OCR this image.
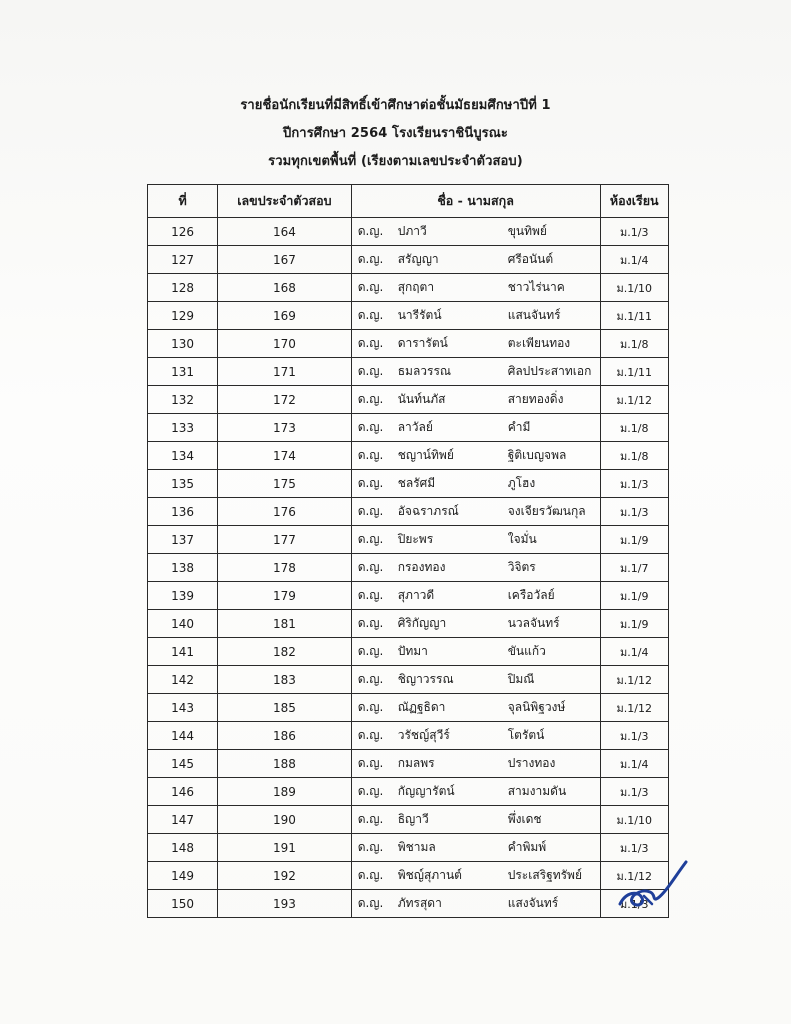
รายชื่อนักเรียนที่มีสิทธิ์เข้าศึกษาต่อชั้นมัธยมศึกษาปีที่ 1
ปีการศึกษา 2564 โรงเรียนราชินีบูรณะ
รวมทุกเขตพื้นที่ (เรียงตามเลขประจำตัวสอบ)
ที่	เลขประจำตัวสอบ	ชื่อ - นามสกุล	ห้องเรียน
126	164	ด.ญ. ปภาวี ขุนทิพย์	ม.1/3
127	167	ด.ญ. สรัญญา ศรีอนันต์	ม.1/4
128	168	ด.ญ. สุกฤตา ชาวไร่นาค	ม.1/10
129	169	ด.ญ. นารีรัตน์ แสนจันทร์	ม.1/11
130	170	ด.ญ. ดารารัตน์ ตะเพียนทอง	ม.1/8
131	171	ด.ญ. ธมลวรรณ ศิลปประสาทเอก	ม.1/11
132	172	ด.ญ. นันท์นภัส สายทองดิ่ง	ม.1/12
133	173	ด.ญ. ลาวัลย์ คำมี	ม.1/8
134	174	ด.ญ. ชญาน์ทิพย์ ฐิติเบญจพล	ม.1/8
135	175	ด.ญ. ชลรัศมี ภูโฮง	ม.1/3
136	176	ด.ญ. อัจฉราภรณ์ จงเจียรวัฒนกุล	ม.1/3
137	177	ด.ญ. ปิยะพร ใจมั่น	ม.1/9
138	178	ด.ญ. กรองทอง วิจิตร	ม.1/7
139	179	ด.ญ. สุภาวดี เครือวัลย์	ม.1/9
140	181	ด.ญ. ศิริกัญญา นวลจันทร์	ม.1/9
141	182	ด.ญ. ปัทมา ขันแก้ว	ม.1/4
142	183	ด.ญ. ชิญาวรรณ ปิมณี	ม.1/12
143	185	ด.ญ. ณัฏฐธิดา จุลนิพิฐวงษ์	ม.1/12
144	186	ด.ญ. วรัชญ์สุวีร์ โตรัตน์	ม.1/3
145	188	ด.ญ. กมลพร ปรางทอง	ม.1/4
146	189	ด.ญ. กัญญารัตน์ สามงามดัน	ม.1/3
147	190	ด.ญ. ธิญาวี พึ่งเดช	ม.1/10
148	191	ด.ญ. พิชามล คำพิมพ์	ม.1/3
149	192	ด.ญ. พิชญ์สุภานต์ ประเสริฐทรัพย์	ม.1/12
150	193	ด.ญ. ภัทรสุดา แสงจันทร์	ม.1/3
